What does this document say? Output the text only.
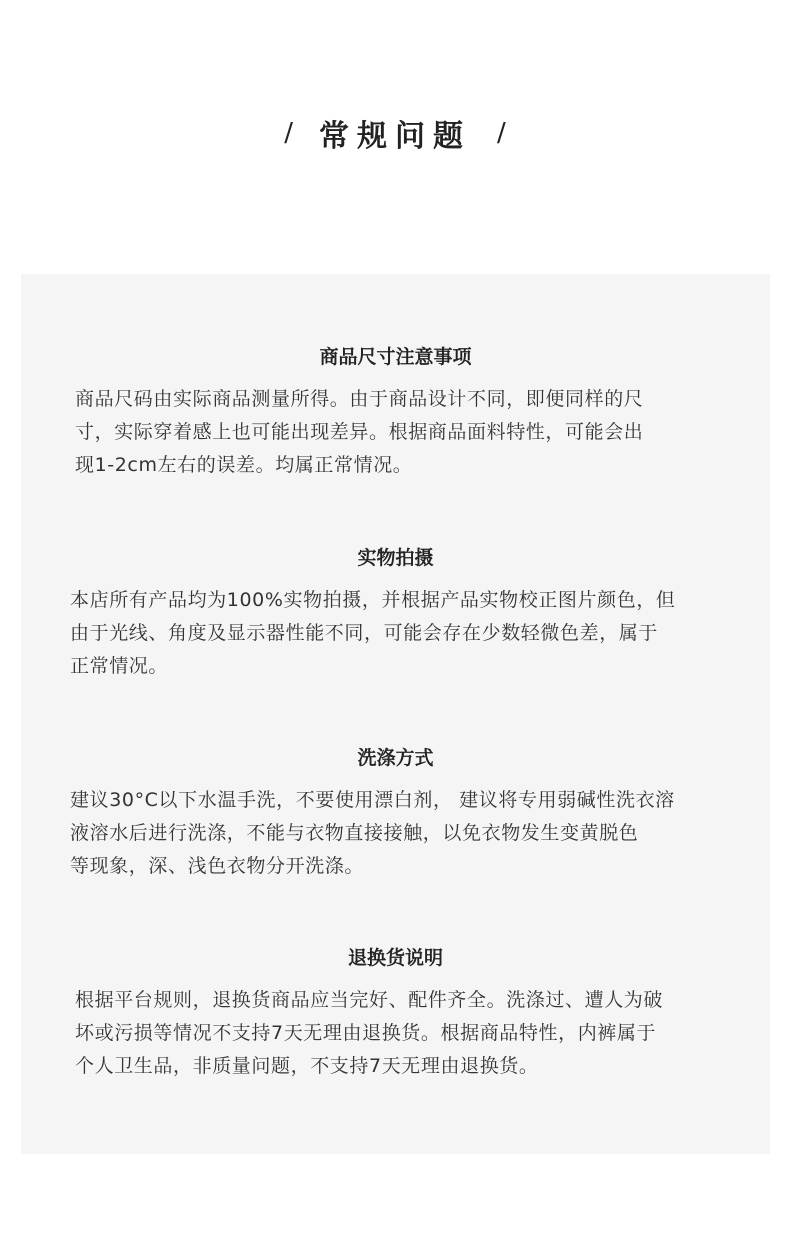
/ 常规问题 /
商品尺寸注意事项
商品尺码由实际商品测量所得。由于商品设计不同，即便同样的尺
寸，实际穿着感上也可能出现差异。根据商品面料特性，可能会出
现1-2cm左右的误差。均属正常情况。
实物拍摄
本店所有产品均为100%实物拍摄，并根据产品实物校正图片颜色，但
由于光线、角度及显示器性能不同，可能会存在少数轻微色差，属于
正常情况。
洗涤方式
建议30°C以下水温手洗，不要使用漂白剂， 建议将专用弱碱性洗衣溶
液溶水后进行洗涤，不能与衣物直接接触，以免衣物发生变黄脱色
等现象，深、浅色衣物分开洗涤。
退换货说明
根据平台规则，退换货商品应当完好、配件齐全。洗涤过、遭人为破
坏或污损等情况不支持7天无理由退换货。根据商品特性，内裤属于
个人卫生品，非质量问题，不支持7天无理由退换货。
